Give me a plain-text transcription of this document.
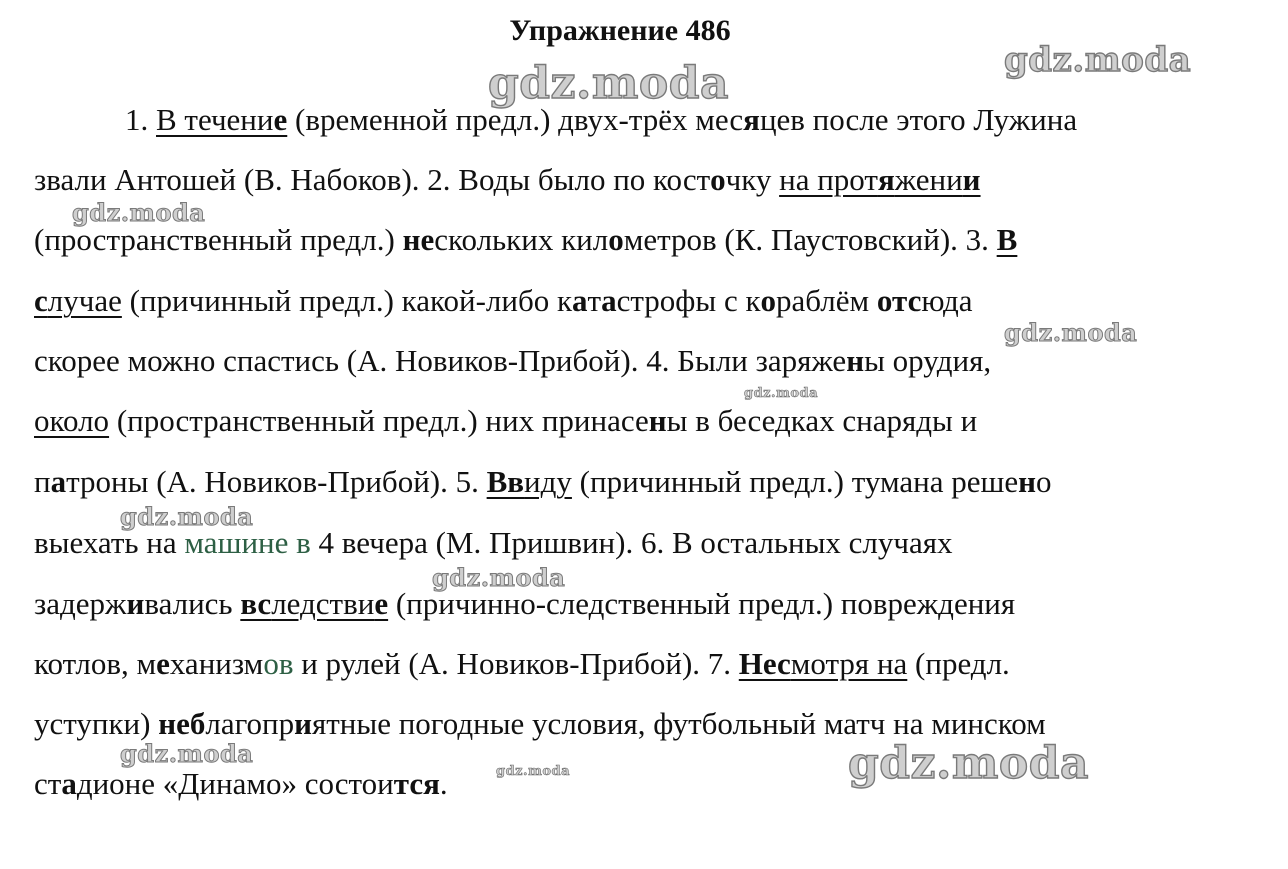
Упражнение 486
1. В течение (временной предл.) двух-трёх месяцев после этого Лужина
звали Антошей (В. Набоков). 2. Воды было по косточку на протяжении
(пространственный предл.) нескольких километров (К. Паустовский). 3. В
случае (причинный предл.) какой-либо катастрофы с кораблём отсюда
скорее можно спастись (А. Новиков-Прибой). 4. Были заряжены орудия,
около (пространственный предл.) них принасены в беседках снаряды и
патроны (А. Новиков-Прибой). 5. Ввиду (причинный предл.) тумана решено
выехать на машине в 4 вечера (М. Пришвин). 6. В остальных случаях
задерживались вследствие (причинно-следственный предл.) повреждения
котлов, механизмов и рулей (А. Новиков-Прибой). 7. Несмотря на (предл.
уступки) неблагоприятные погодные условия, футбольный матч на минском
стадионе «Динамо» состоится.
gdz.moda	gdz.moda
gdz.moda
gdz.moda
gdz.moda
gdz.moda
gdz.moda
gdz.moda
gdz.moda	gdz.moda
